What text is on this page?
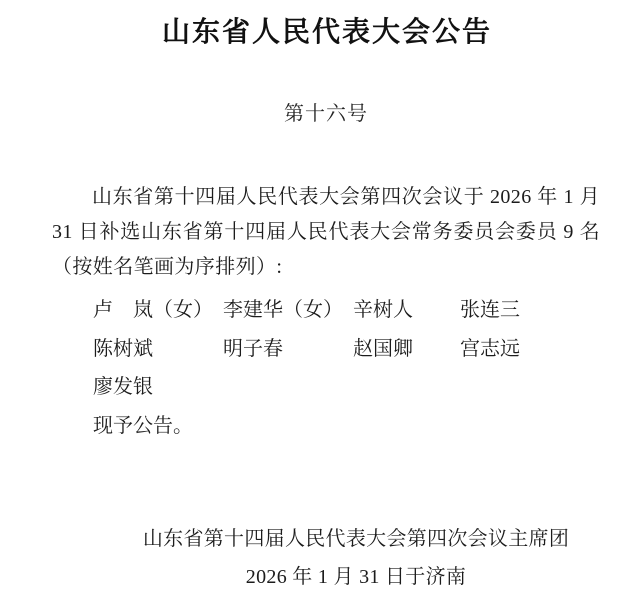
山东省人民代表大会公告
第十六号

山东省第十四届人民代表大会第四次会议于 2026 年 1 月 31 日补选山东省第十四届人民代表大会常务委员会委员 9 名（按姓名笔画为序排列）:

卢　岚（女） 李建华（女） 辛树人 张连三
陈树斌	明子春	赵国卿 宫志远
廖发银
现予公告。
山东省第十四届人民代表大会第四次会议主席团
2026 年 1 月 31 日于济南
